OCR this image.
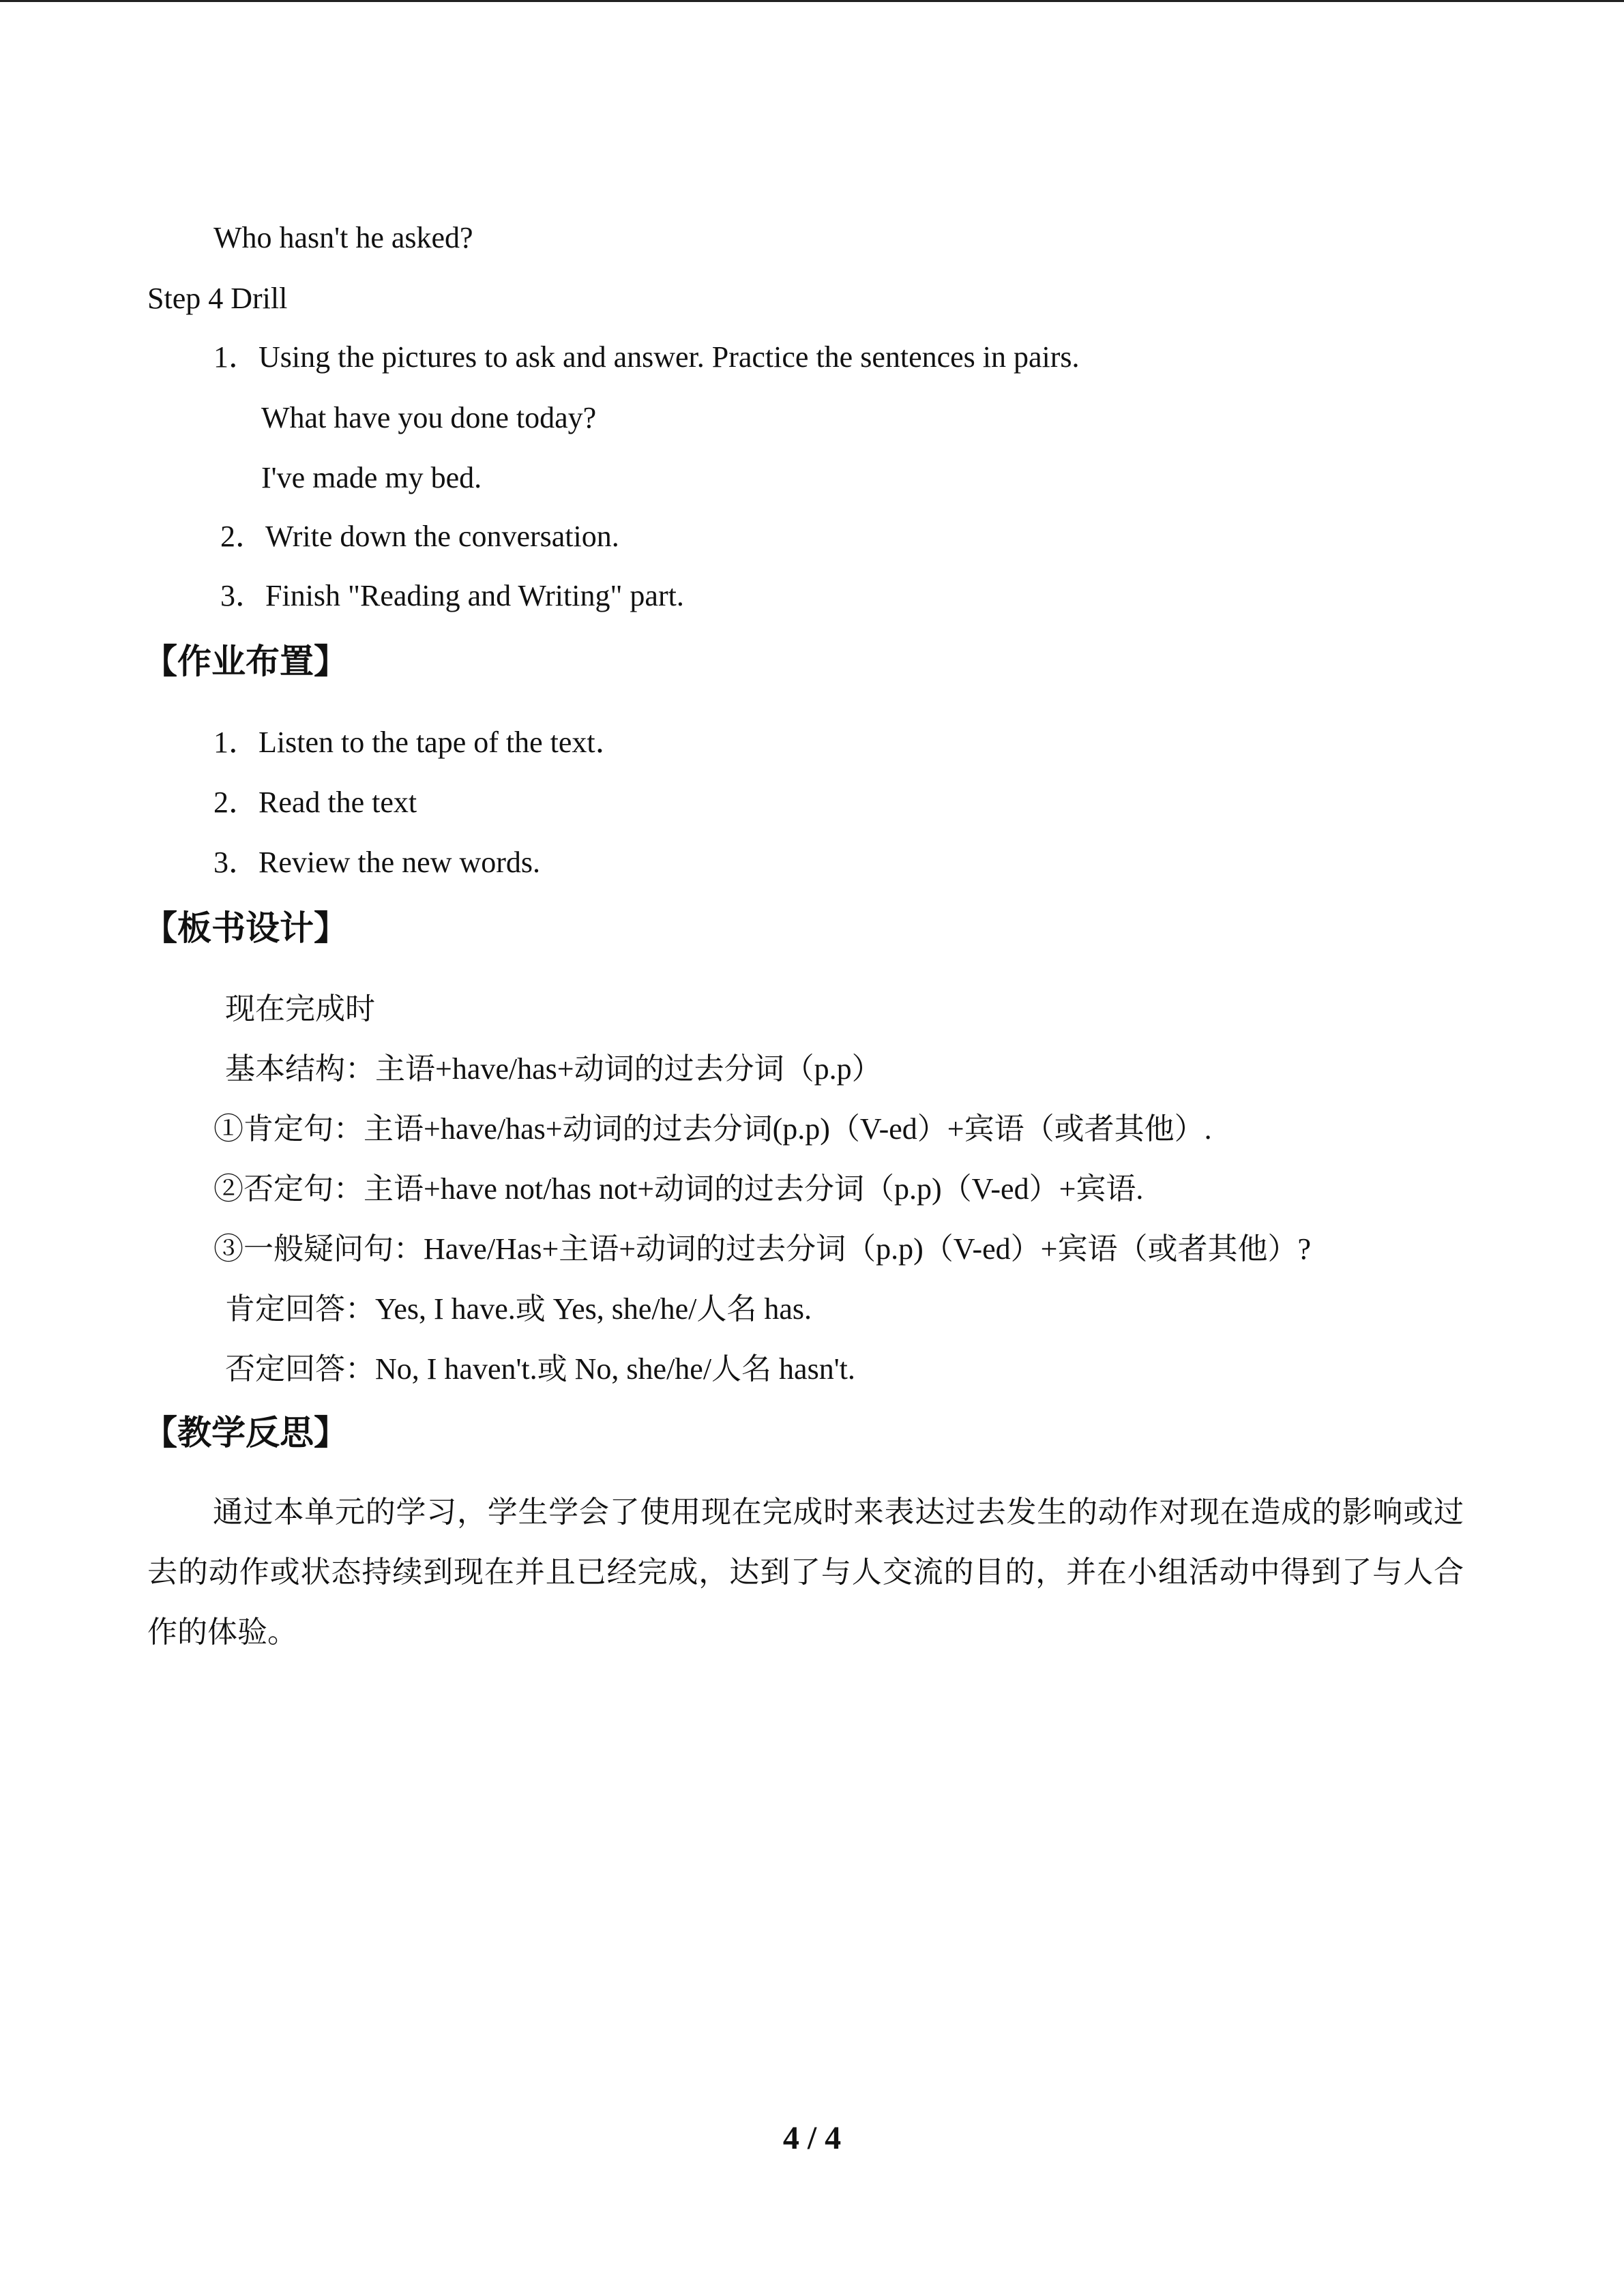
Who hasn't he asked?
Step 4 Drill
1．Using the pictures to ask and answer. Practice the sentences in pairs.
What have you done today?
I've made my bed.
2．Write down the conversation.
3．Finish "Reading and Writing" part.
【作业布置】
1．Listen to the tape of the text．
2．Read the text
3．Review the new words.
【板书设计】
现在完成时
基本结构：主语+have/has+动词的过去分词（p.p）
①肯定句：主语+have/has+动词的过去分词(p.p)（V-ed）+宾语（或者其他）.
②否定句：主语+have not/has not+动词的过去分词（p.p)（V-ed）+宾语.
③一般疑问句：Have/Has+主语+动词的过去分词（p.p)（V-ed）+宾语（或者其他）?
肯定回答：Yes, I have.或 Yes, she/he/人名 has.
否定回答：No, I haven't.或 No, she/he/人名 hasn't.
【教学反思】
通过本单元的学习，学生学会了使用现在完成时来表达过去发生的动作对现在造成的影响或过去的动作或状态持续到现在并且已经完成，达到了与人交流的目的，并在小组活动中得到了与人合作的体验。
4 / 4
